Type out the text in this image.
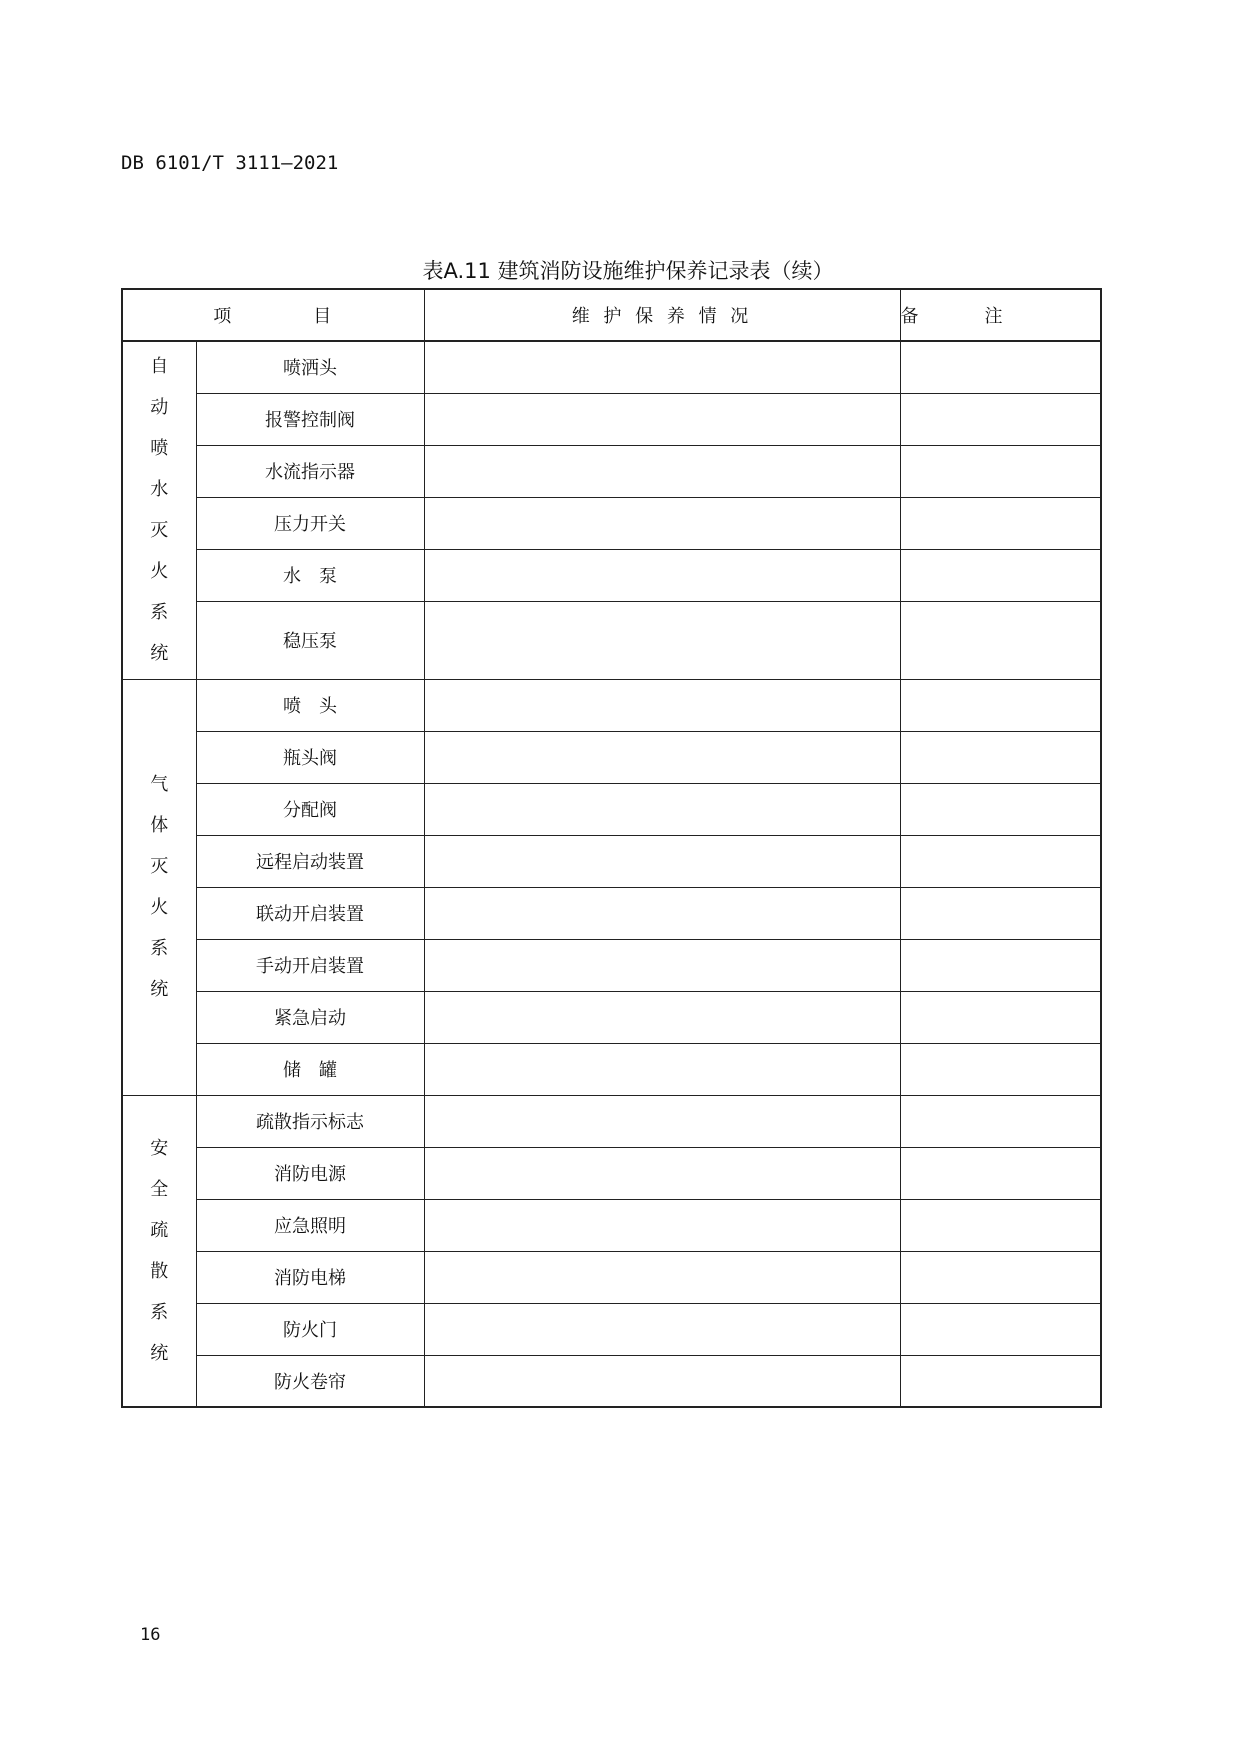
DB 6101/T 3111—2021
表A.11 建筑消防设施维护保养记录表（续）
项　　　　目		维 护 保 养 情 况	备　　　注

自动喷水灭火系统	喷洒头		
	报警控制阀		
	水流指示器		
	压力开关		
	水　泵		
	稳压泵		

气体灭火系统	喷　头		
	瓶头阀		
	分配阀		
	远程启动装置		
	联动开启装置		
	手动开启装置		
	紧急启动		
	储　罐		

安全疏散系统	疏散指示标志		
	消防电源		
	应急照明		
	消防电梯		
	防火门		
	防火卷帘		
16
